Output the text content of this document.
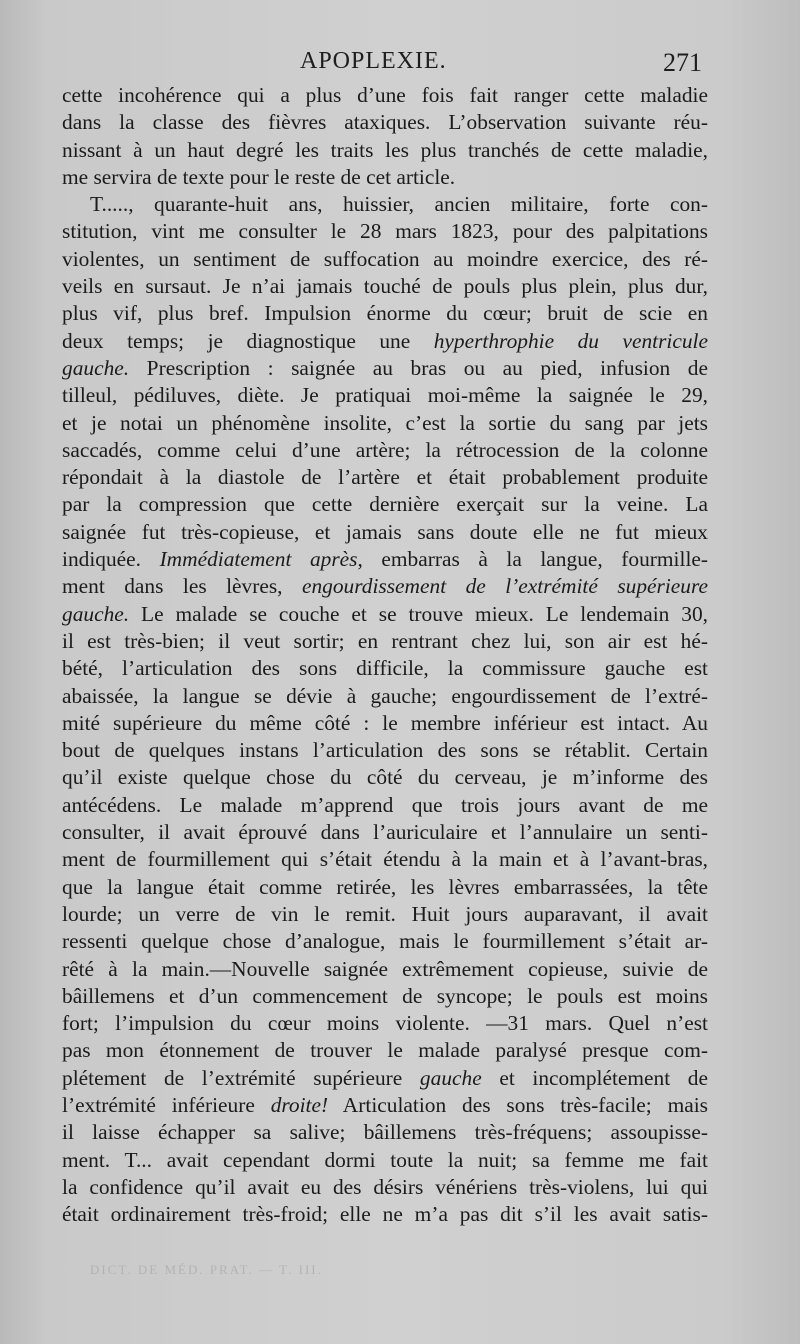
APOPLEXIE.	271
cette incohérence qui a plus d’une fois fait ranger cette maladie
dans la classe des fièvres ataxiques. L’observation suivante réu-
nissant à un haut degré les traits les plus tranchés de cette maladie,
me servira de texte pour le reste de cet article.
T....., quarante-huit ans, huissier, ancien militaire, forte con-
stitution, vint me consulter le 28 mars 1823, pour des palpitations
violentes, un sentiment de suffocation au moindre exercice, des ré-
veils en sursaut. Je n’ai jamais touché de pouls plus plein, plus dur,
plus vif, plus bref. Impulsion énorme du cœur; bruit de scie en
deux temps; je diagnostique une hyperthrophie du ventricule
gauche. Prescription : saignée au bras ou au pied, infusion de
tilleul, pédiluves, diète. Je pratiquai moi-même la saignée le 29,
et je notai un phénomène insolite, c’est la sortie du sang par jets
saccadés, comme celui d’une artère; la rétrocession de la colonne
répondait à la diastole de l’artère et était probablement produite
par la compression que cette dernière exerçait sur la veine. La
saignée fut très-copieuse, et jamais sans doute elle ne fut mieux
indiquée. Immédiatement après, embarras à la langue, fourmille-
ment dans les lèvres, engourdissement de l’extrémité supérieure
gauche. Le malade se couche et se trouve mieux. Le lendemain 30,
il est très-bien; il veut sortir; en rentrant chez lui, son air est hé-
bété, l’articulation des sons difficile, la commissure gauche est
abaissée, la langue se dévie à gauche; engourdissement de l’extré-
mité supérieure du même côté : le membre inférieur est intact. Au
bout de quelques instans l’articulation des sons se rétablit. Certain
qu’il existe quelque chose du côté du cerveau, je m’informe des
antécédens. Le malade m’apprend que trois jours avant de me
consulter, il avait éprouvé dans l’auriculaire et l’annulaire un senti-
ment de fourmillement qui s’était étendu à la main et à l’avant-bras,
que la langue était comme retirée, les lèvres embarrassées, la tête
lourde; un verre de vin le remit. Huit jours auparavant, il avait
ressenti quelque chose d’analogue, mais le fourmillement s’était ar-
rêté à la main.—Nouvelle saignée extrêmement copieuse, suivie de
bâillemens et d’un commencement de syncope; le pouls est moins
fort; l’impulsion du cœur moins violente. —31 mars. Quel n’est
pas mon étonnement de trouver le malade paralysé presque com-
plétement de l’extrémité supérieure gauche et incomplétement de
l’extrémité inférieure droite! Articulation des sons très-facile; mais
il laisse échapper sa salive; bâillemens très-fréquens; assoupisse-
ment. T... avait cependant dormi toute la nuit; sa femme me fait
la confidence qu’il avait eu des désirs vénériens très-violens, lui qui
était ordinairement très-froid; elle ne m’a pas dit s’il les avait satis-
DICT. DE MÉD. PRAT. — T. III.
